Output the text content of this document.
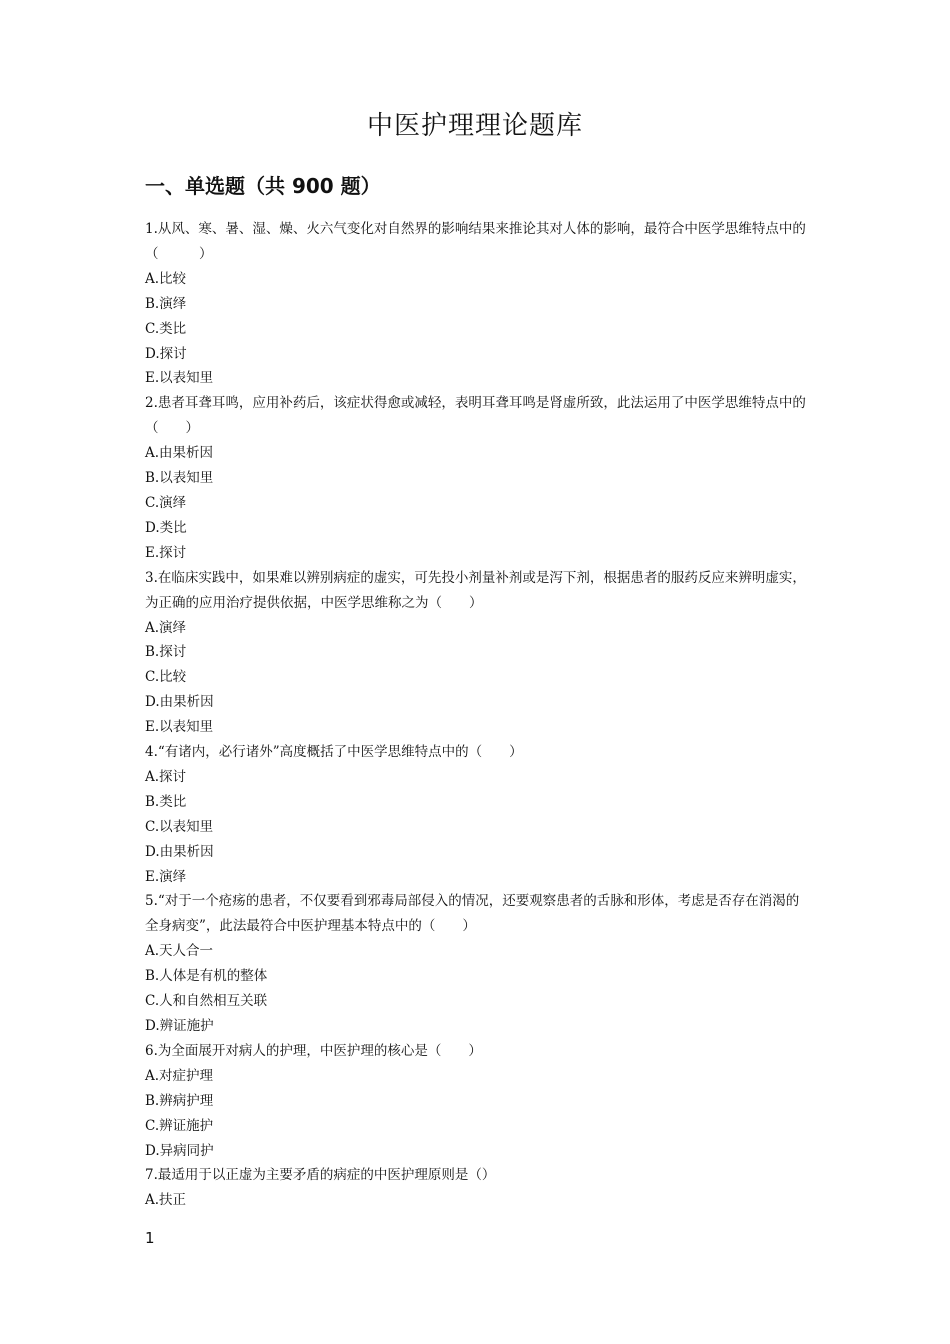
中医护理理论题库
一、单选题（共 900 题）

1.从风、寒、暑、湿、燥、火六气变化对自然界的影响结果来推论其对人体的影响，最符合中医学思维特点中的（　　　）

A.比较

B.演绎

C.类比

D.探讨

E.以表知里

2.患者耳聋耳鸣，应用补药后，该症状得愈或减轻，表明耳聋耳鸣是肾虚所致，此法运用了中医学思维特点中的（　　）

A.由果析因

B.以表知里

C.演绎

D.类比

E.探讨

3.在临床实践中，如果难以辨别病症的虚实，可先投小剂量补剂或是泻下剂，根据患者的服药反应来辨明虚实，为正确的应用治疗提供依据，中医学思维称之为（　　）

A.演绎

B.探讨

C.比较

D.由果析因

E.以表知里

4.“有诸内，必行诸外”高度概括了中医学思维特点中的（　　）

A.探讨

B.类比

C.以表知里

D.由果析因

E.演绎

5.“对于一个疮疡的患者，不仅要看到邪毒局部侵入的情况，还要观察患者的舌脉和形体，考虑是否存在消渴的全身病变”，此法最符合中医护理基本特点中的（　　）

A.天人合一

B.人体是有机的整体

C.人和自然相互关联

D.辨证施护

6.为全面展开对病人的护理，中医护理的核心是（　　）

A.对症护理

B.辨病护理

C.辨证施护

D.异病同护

7.最适用于以正虚为主要矛盾的病症的中医护理原则是（）

A.扶正

1
